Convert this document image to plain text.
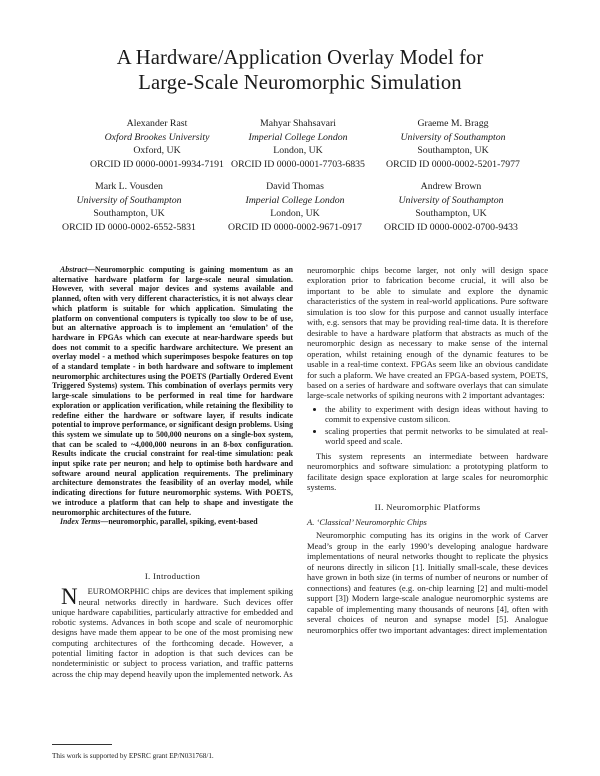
A Hardware/Application Overlay Model for
Large-Scale Neuromorphic Simulation
Alexander Rast
Oxford Brookes University
Oxford, UK
ORCID ID 0000-0001-9934-7191
Mahyar Shahsavari
Imperial College London
London, UK
ORCID ID 0000-0001-7703-6835
Graeme M. Bragg
University of Southampton
Southampton, UK
ORCID ID 0000-0002-5201-7977
Mark L. Vousden
University of Southampton
Southampton, UK
ORCID ID 0000-0002-6552-5831
David Thomas
Imperial College London
London, UK
ORCID ID 0000-0002-9671-0917
Andrew Brown
University of Southampton
Southampton, UK
ORCID ID 0000-0002-0700-9433

Abstract—Neuromorphic computing is gaining momentum as an alternative hardware platform for large-scale neural simulation. However, with several major devices and systems available and planned, often with very different characteristics, it is not always clear which platform is suitable for which application. Simulating the platform on conventional computers is typically too slow to be of use, but an alternative approach is to implement an ‘emulation’ of the hardware in FPGAs which can execute at near-hardware speeds but does not commit to a specific hardware architecture. We present an overlay model - a method which superimposes bespoke features on top of a standard template - in both hardware and software to implement neuromorphic architectures using the POETS (Partially Ordered Event Triggered Systems) system. This combination of overlays permits very large-scale simulations to be performed in real time for hardware exploration or application verification, while retaining the flexibility to redefine either the hardware or software layer, if results indicate potential to improve performance, or significant design problems. Using this system we simulate up to 500,000 neurons on a single-box system, that can be scaled to ~4,000,000 neurons in an 8-box configuration. Results indicate the crucial constraint for real-time simulation: peak input spike rate per neuron; and help to optimise both hardware and software around neural application requirements. The preliminary architecture demonstrates the feasibility of an overlay model, while indicating directions for future neuromorphic systems. With POETS, we introduce a platform that can help to shape and investigate the neuromorphic architectures of the future.

Index Terms—neuromorphic, parallel, spiking, event-based

I. Introduction

N EUROMORPHIC chips are devices that implement spiking neural networks directly in hardware. Such devices offer unique hardware capabilities, particularly attractive for embedded and robotic systems. Advances in both scope and scale of neuromorphic designs have made them appear to be one of the most promising new computing architectures of the forthcoming decade. However, a potential limiting factor in adoption is that such devices can be nondeterministic or subject to process variation, and traffic patterns across the chip may depend heavily upon the implemented network. As

This work is supported by EPSRC grant EP/N031768/1.

neuromorphic chips become larger, not only will design space exploration prior to fabrication become crucial, it will also be important to be able to simulate and explore the dynamic characteristics of the system in real-world applications. Pure software simulation is too slow for this purpose and cannot usually interface with, e.g. sensors that may be providing real-time data. It is therefore desirable to have a hardware platform that abstracts as much of the neuromorphic design as necessary to make sense of the internal operation, whilst retaining enough of the dynamic features to be usable in a real-time context. FPGAs seem like an obvious candidate for such a plaform. We have created an FPGA-based system, POETS, based on a series of hardware and software overlays that can simulate large-scale networks of spiking neurons with 2 important advantages:

• the ability to experiment with design ideas without having to commit to expensive custom silicon.
• scaling properties that permit networks to be simulated at real-world speed and scale.

This system represents an intermediate between hardware neuromorphics and software simulation: a prototyping platform to facilitate design space exploration at large scales for neuromorphic systems.

II. Neuromorphic Platforms
A. ‘Classical’ Neuromorphic Chips

Neuromorphic computing has its origins in the work of Carver Mead’s group in the early 1990’s developing analogue hardware implementations of neural networks thought to replicate the physics of neurons directly in silicon [1]. Initially small-scale, these devices have grown in both size (in terms of number of neurons or number of connections) and features (e.g. on-chip learning [2] and multi-model support [3]) Modern large-scale analogue neuromorphic systems are capable of implementing many thousands of neurons [4], often with several choices of neuron and synapse model [5]. Analogue neuromorphics offer two important advantages: direct implementation
